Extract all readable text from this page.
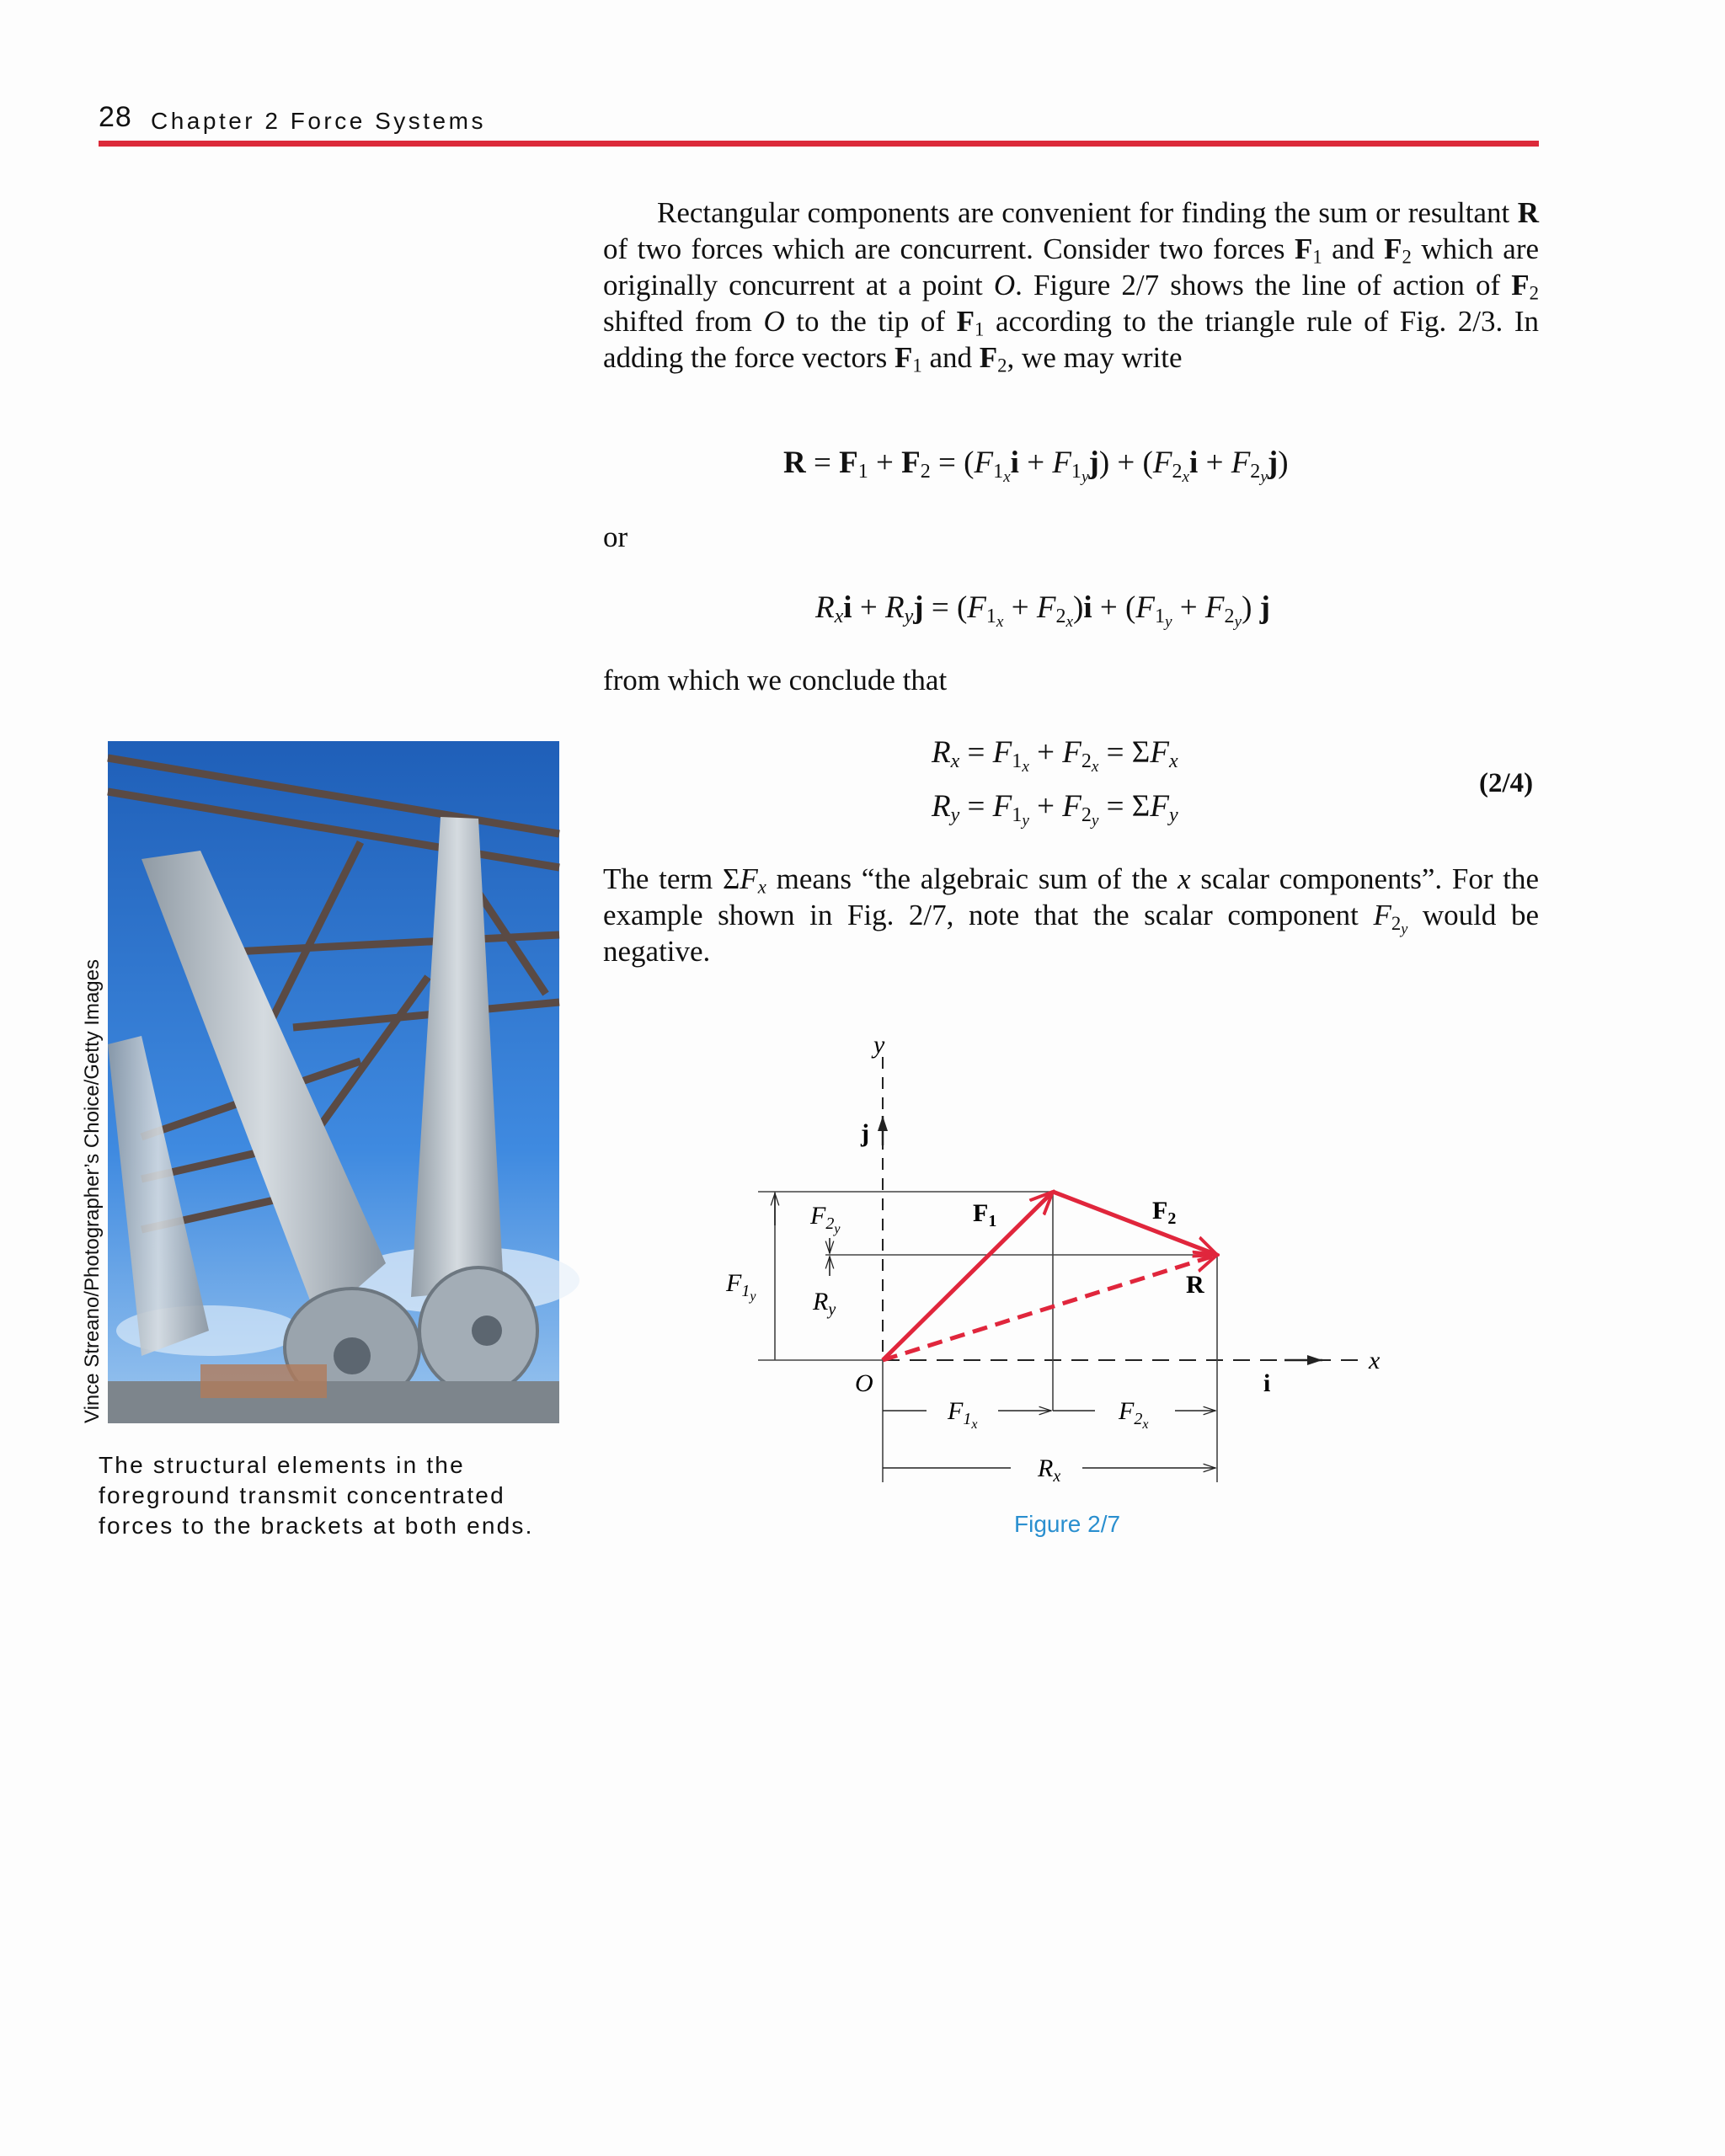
28 Chapter 2 Force Systems
Rectangular components are convenient for finding the sum or resultant R of two forces which are concurrent. Consider two forces $F_1$ and $F_2$ which are originally concurrent at a point O. Figure 2/7 shows the line of action of $F_2$ shifted from O to the tip of $F_1$ according to the triangle rule of Fig. 2/3. In adding the force vectors $F_1$ and $F_2$, we may write
$R = F_1 + F_2 = (F_{1_x}i + F_{1_y}j) + (F_{2_x}i + F_{2_y}j)$
or
$R_xi + R_yj = (F_{1_x} + F_{2_x})i + (F_{1_y} + F_{2_y})$ j
from which we conclude that
$R_x = F_{1_x} + F_{2_x} = \Sigma F_x$
$R_y = F_{1_y} + F_{2_y} = \Sigma F_y$
(2/4)
The term $\Sigma F_x$ means “the algebraic sum of the x scalar components”. For the example shown in Fig. 2/7, note that the scalar component $F_{2_y}$ would be negative.
Vince Streano/Photographer’s Choice/Getty Images
The structural elements in the foreground transmit concentrated forces to the brackets at both ends.
y
x
j
i
O
$F_1$	$F_2$
R
$F_1y$
$F_2y$
$R_y$
$F_1x$	$F_2x$
$R_x$
Figure 2/7
